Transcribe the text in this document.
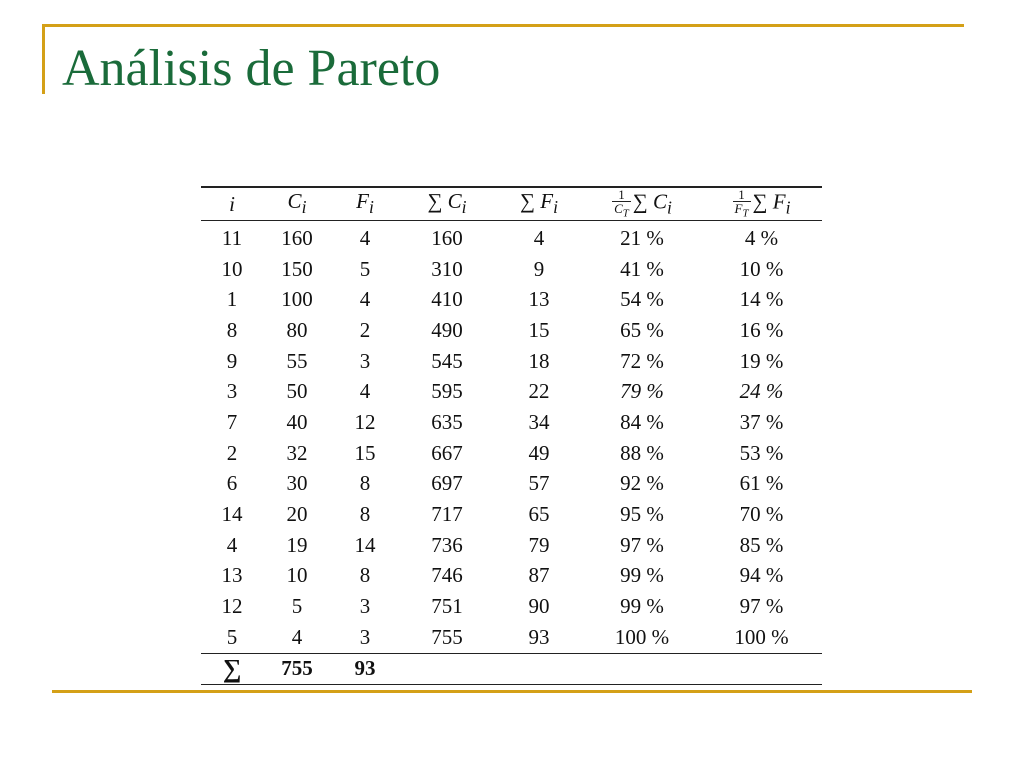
Análisis de Pareto
i	$C_i$	$F_i$	∑ $C_i$	∑ $F_i$	$\frac{1}{C_T}$ ∑ $C_i$	$\frac{1}{F_T}$ ∑ $F_i$
11	160	4	160	4	21 %	4 %
10	150	5	310	9	41 %	10 %
1	100	4	410	13	54 %	14 %
8	80	2	490	15	65 %	16 %
9	55	3	545	18	72 %	19 %
3	50	4	595	22	79 %	24 %
7	40	12	635	34	84 %	37 %
2	32	15	667	49	88 %	53 %
6	30	8	697	57	92 %	61 %
14	20	8	717	65	95 %	70 %
4	19	14	736	79	97 %	85 %
13	10	8	746	87	99 %	94 %
12	5	3	751	90	99 %	97 %
5	4	3	755	93	100 %	100 %
∑	755	93				
